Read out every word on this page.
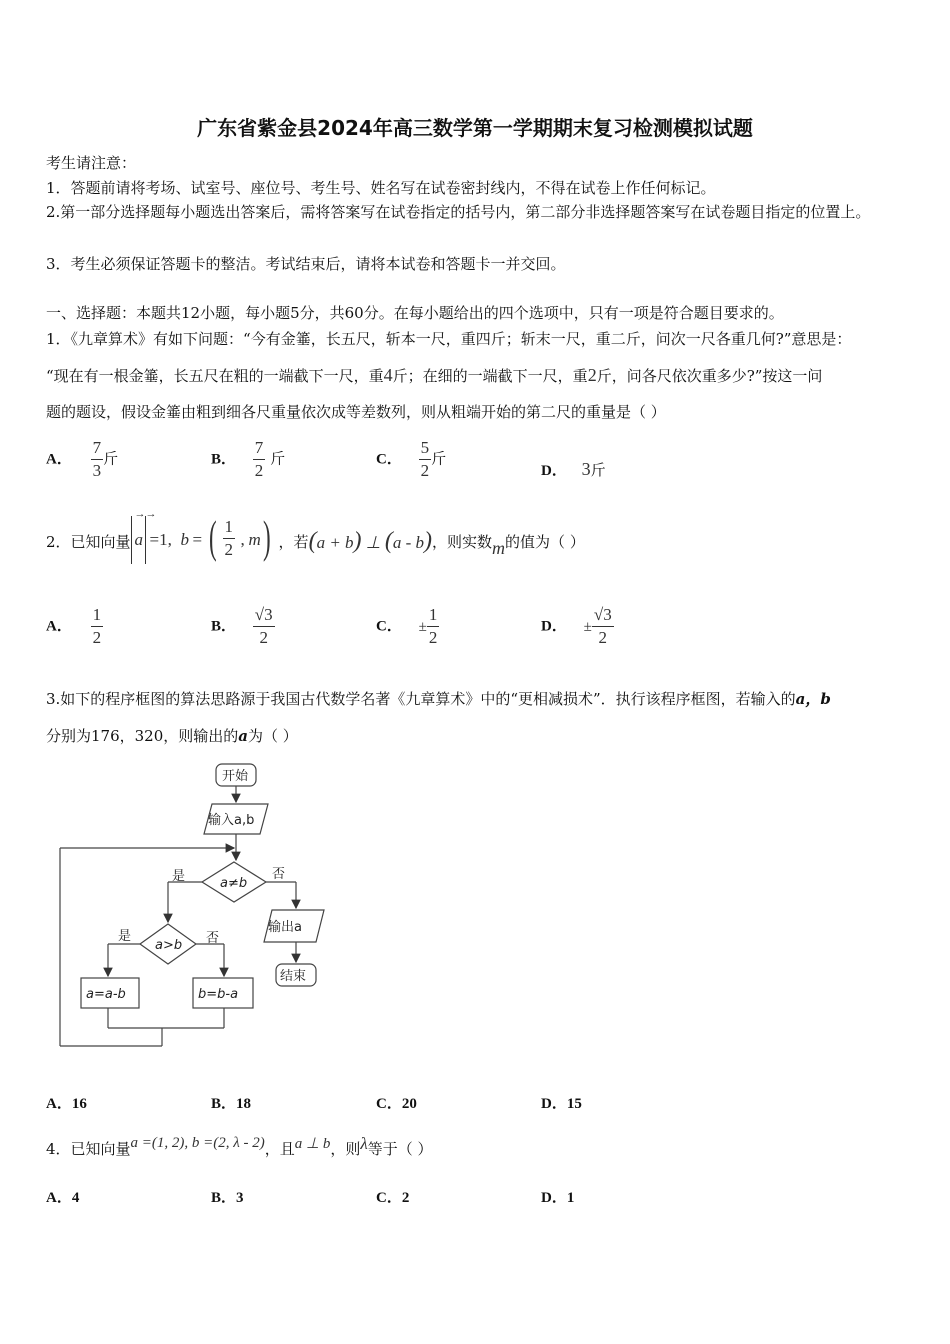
广东省紫金县2024年高三数学第一学期期末复习检测模拟试题
考生请注意：
1．答题前请将考场、试室号、座位号、考生号、姓名写在试卷密封线内，不得在试卷上作任何标记。
2.第一部分选择题每小题选出答案后，需将答案写在试卷指定的括号内，第二部分非选择题答案写在试卷题目指定的位置上。
3．考生必须保证答题卡的整洁。考试结束后，请将本试卷和答题卡一并交回。
一、选择题：本题共12小题，每小题5分，共60分。在每小题给出的四个选项中，只有一项是符合题目要求的。
1．《九章算术》有如下问题：“今有金箠，长五尺，斩本一尺，重四斤；斩末一尺，重二斤，问次一尺各重几何?”意思是：
“现在有一根金箠，长五尺在粗的一端截下一尺，重4斤；在细的一端截下一尺，重2斤，问各尺依次重多少?”按这一问
题的题设，假设金箠由粗到细各尺重量依次成等差数列，则从粗端开始的第二尺的重量是（ ）
A． $\frac{7}{3}$ 斤	B． $\frac{7}{2}$ 斤	C． $\frac{5}{2}$ 斤
D． 3斤
2．已知向量
→→
a =1, b = ( $\frac{1}{2}$ , m ) ，若(a + b) ⊥ (a - b)，则实数m的值为（ ）
A． $\frac{1}{2}$	B． $\frac{√3}{2}$	C． ± $\frac{1}{2}$	D． ± $\frac{√3}{2}$
3.如下的程序框图的算法思路源于我国古代数学名著《九章算术》中的“更相减损术”．执行该程序框图，若输入的a，b
分别为176，320，则输出的a为（ ）
开始
输入a,b
a≠b
是	否
输出a
结束
a>b
是	否
a=a-b	b=b-a
A．16	B．18	C．20	D．15
4．已知向量a =(1, 2), b =(2, λ - 2)，且a ⊥ b，则λ等于（ ）
A．4	B．3	C．2	D．1
